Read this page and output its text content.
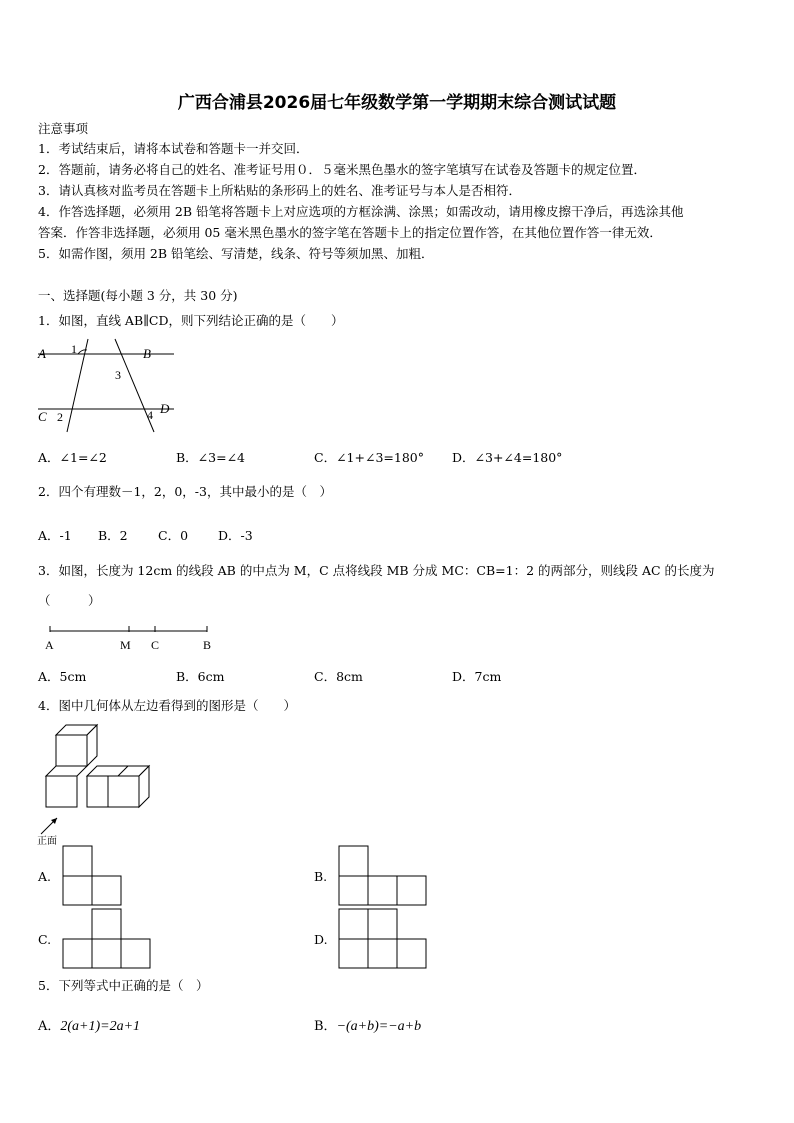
广西合浦县2026届七年级数学第一学期期末综合测试试题
注意事项
1．考试结束后，请将本试卷和答题卡一并交回．
2．答题前，请务必将自己的姓名、准考证号用０．５毫米黑色墨水的签字笔填写在试卷及答题卡的规定位置．
3．请认真核对监考员在答题卡上所粘贴的条形码上的姓名、准考证号与本人是否相符．
4．作答选择题，必须用 2B 铅笔将答题卡上对应选项的方框涂满、涂黑；如需改动，请用橡皮擦干净后，再选涂其他
答案．作答非选择题，必须用 05 毫米黑色墨水的签字笔在答题卡上的指定位置作答，在其他位置作答一律无效．
5．如需作图，须用 2B 铅笔绘、写清楚，线条、符号等须加黑、加粗．
一、选择题(每小题 3 分，共 30 分)
1．如图，直线 AB∥CD，则下列结论正确的是（　　）
A	B
C
D
1
2
3
4
A．∠1=∠2	B．∠3=∠4	C．∠1+∠3=180° D．∠3+∠4=180°
2．四个有理数－1，2，0，-3，其中最小的是（　）
A．-1 B．2 C．0 D．-3
3．如图，长度为 12cm 的线段 AB 的中点为 M，C 点将线段 MB 分成 MC：CB=1：2 的两部分，则线段 AC 的长度为
（　　　）
A	M C	B
A．5cm	B．6cm	C．8cm	D．7cm
4．图中几何体从左边看得到的图形是（　　）
正面
A.	B.
C.	D.
5．下列等式中正确的是（　）
A．2(a+1)=2a+1	B．−(a+b)=−a+b
